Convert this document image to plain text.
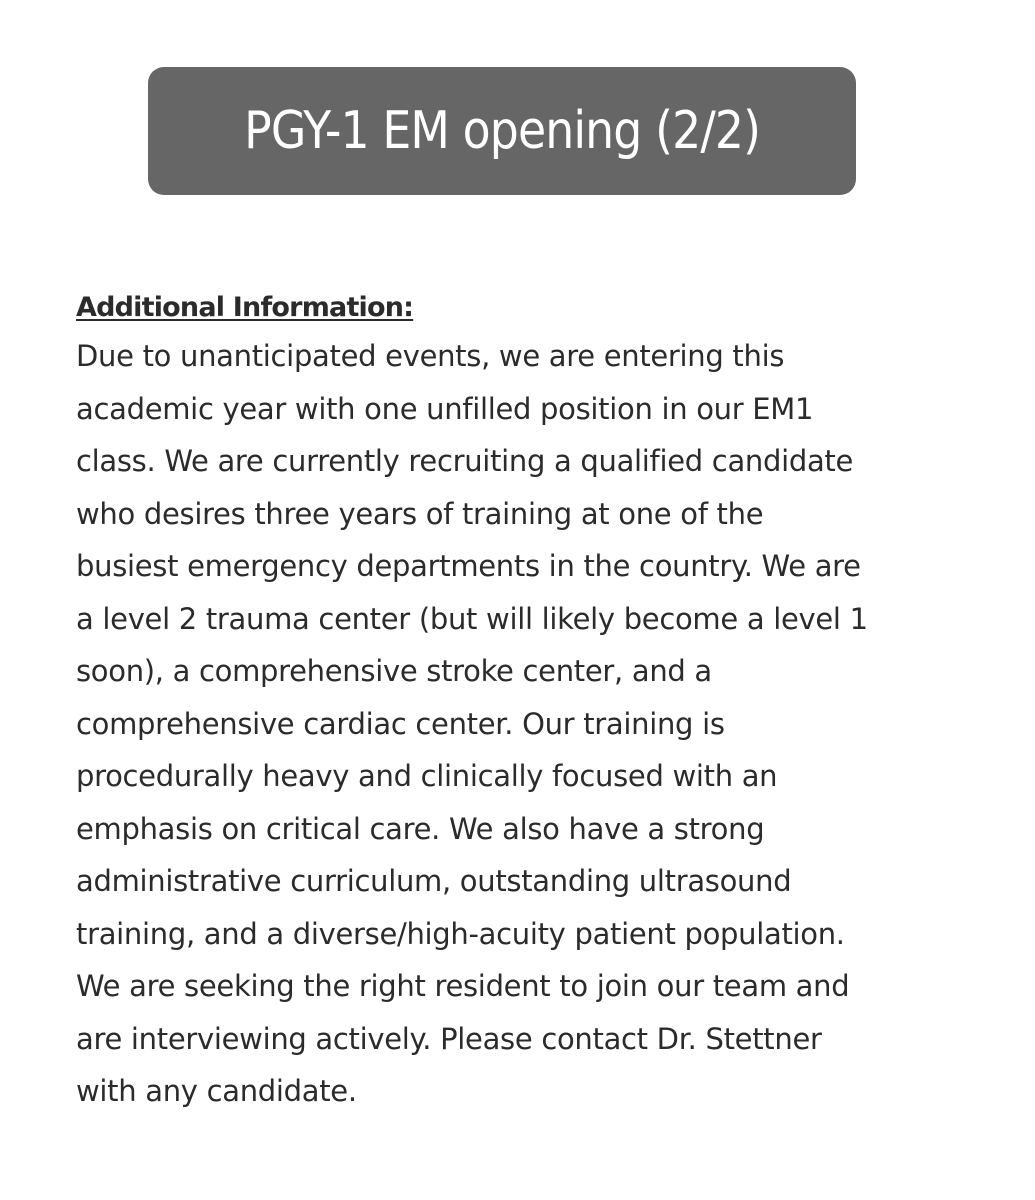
PGY-1 EM opening (2/2)
Additional Information:
Due to unanticipated events, we are entering this
academic year with one unfilled position in our EM1
class. We are currently recruiting a qualified candidate
who desires three years of training at one of the
busiest emergency departments in the country. We are
a level 2 trauma center (but will likely become a level 1
soon), a comprehensive stroke center, and a
comprehensive cardiac center. Our training is
procedurally heavy and clinically focused with an
emphasis on critical care. We also have a strong
administrative curriculum, outstanding ultrasound
training, and a diverse/high-acuity patient population.
We are seeking the right resident to join our team and
are interviewing actively. Please contact Dr. Stettner
with any candidate.
